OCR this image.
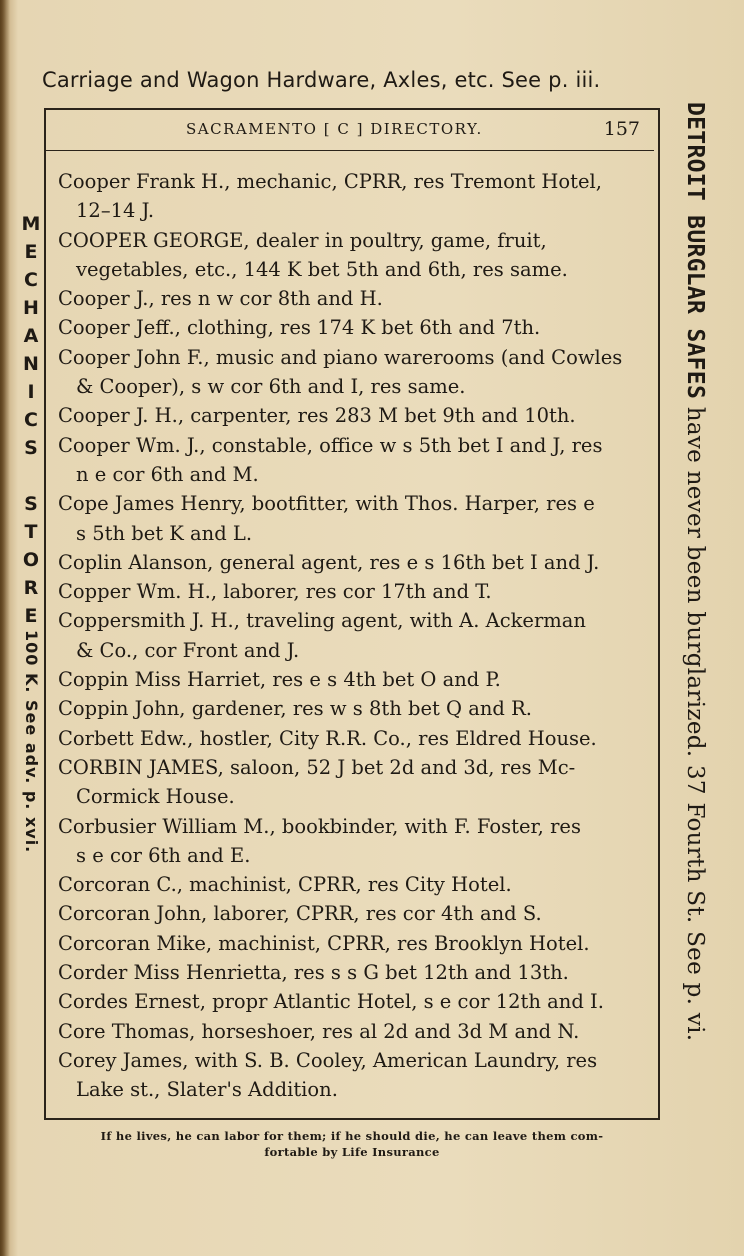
Carriage and Wagon Hardware, Axles, etc. See p. iii.
SACRAMENTO [ C ] DIRECTORY.	157
Cooper Frank H., mechanic, CPRR, res Tremont Hotel,
12–14 J.
COOPER GEORGE, dealer in poultry, game, fruit,
vegetables, etc., 144 K bet 5th and 6th, res same.
Cooper J., res n w cor 8th and H.
Cooper Jeff., clothing, res 174 K bet 6th and 7th.
Cooper John F., music and piano warerooms (and Cowles
& Cooper), s w cor 6th and I, res same.
Cooper J. H., carpenter, res 283 M bet 9th and 10th.
Cooper Wm. J., constable, office w s 5th bet I and J, res
n e cor 6th and M.
Cope James Henry, bootfitter, with Thos. Harper, res e
s 5th bet K and L.
Coplin Alanson, general agent, res e s 16th bet I and J.
Copper Wm. H., laborer, res cor 17th and T.
Coppersmith J. H., traveling agent, with A. Ackerman
& Co., cor Front and J.
Coppin Miss Harriet, res e s 4th bet O and P.
Coppin John, gardener, res w s 8th bet Q and R.
Corbett Edw., hostler, City R.R. Co., res Eldred House.
CORBIN JAMES, saloon, 52 J bet 2d and 3d, res Mc-
Cormick House.
Corbusier William M., bookbinder, with F. Foster, res
s e cor 6th and E.
Corcoran C., machinist, CPRR, res City Hotel.
Corcoran John, laborer, CPRR, res cor 4th and S.
Corcoran Mike, machinist, CPRR, res Brooklyn Hotel.
Corder Miss Henrietta, res s s G bet 12th and 13th.
Cordes Ernest, propr Atlantic Hotel, s e cor 12th and I.
Core Thomas, horseshoer, res al 2d and 3d M and N.
Corey James, with S. B. Cooley, American Laundry, res
Lake st., Slater's Addition.
M
E
C
H
A
N
I
C
S

S
T
O
R
E
100 K. See adv. p. xvi.
DETROIT BURGLAR SAFES have never been burglarized. 37 Fourth St. See p. vi.
If he lives, he can labor for them; if he should die, he can leave them com-
fortable by Life Insurance
